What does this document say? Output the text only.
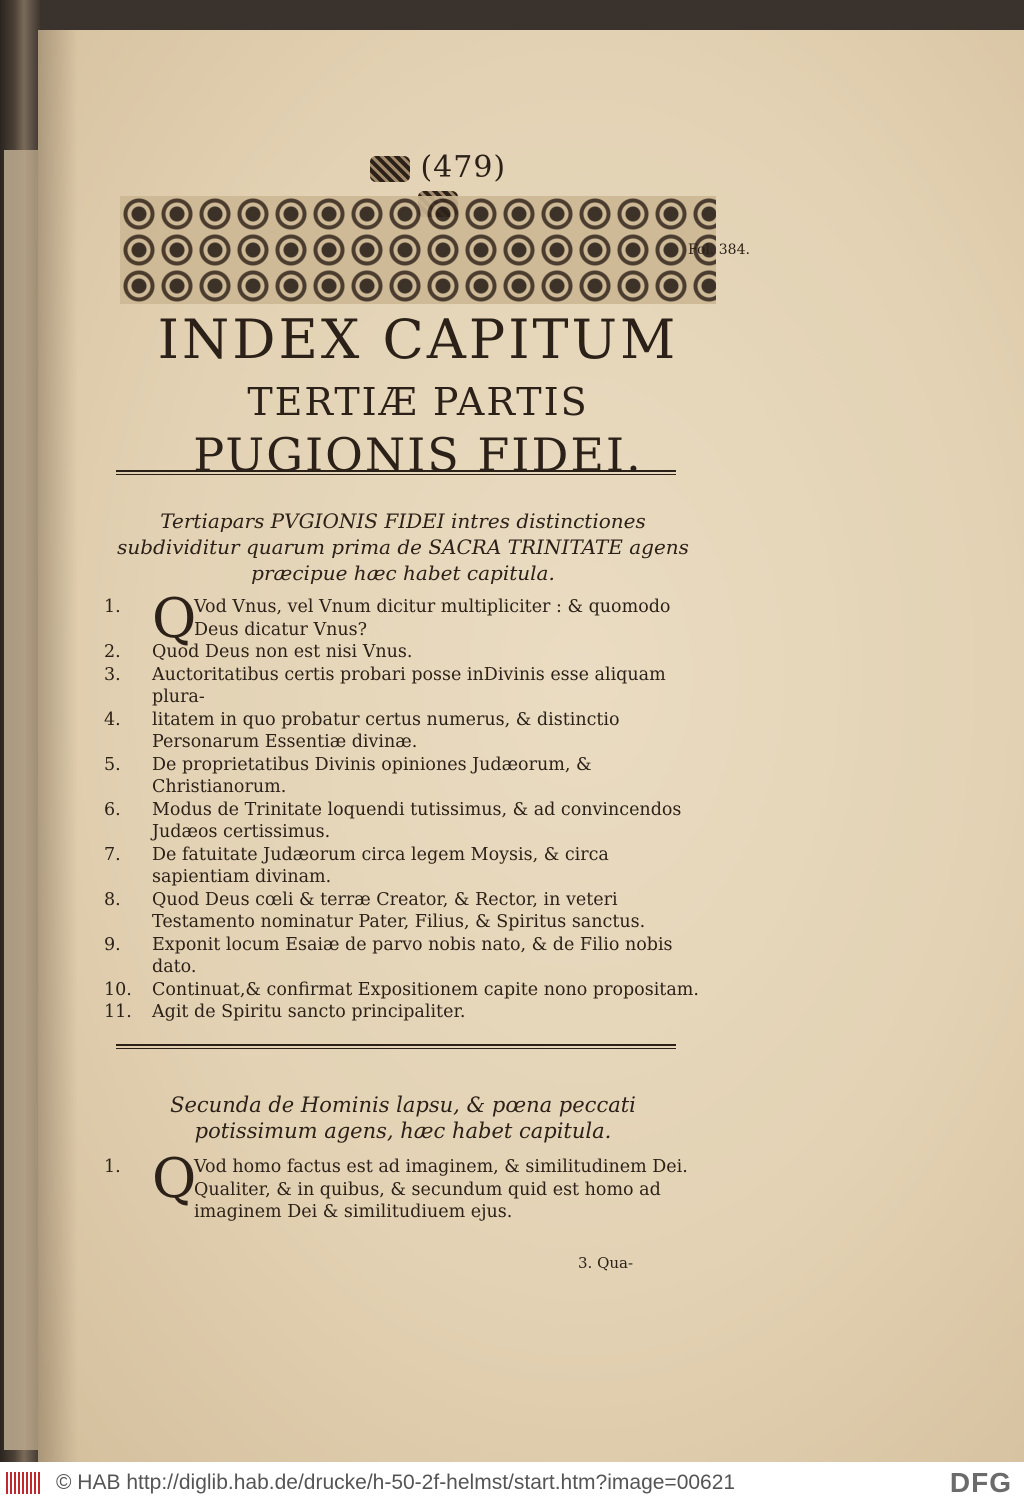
(479)
Fol. 384.
INDEX CAPITUM
TERTIÆ PARTIS
PUGIONIS FIDEI.
Tertiapars PVGIONIS FIDEI intres distinctiones subdividitur quarum prima de SACRA TRINITATE agens præcipue hæc habet capitula.
1. Q
Vod Vnus, vel Vnum dicitur multipliciter : & quomodo Deus dicatur Vnus?
2.	Quod Deus non est nisi Vnus.
3.	Auctoritatibus certis probari posse inDivinis esse aliquam plura-
4.	litatem in quo probatur certus numerus, & distinctio Personarum Essentiæ divinæ.
5.	De proprietatibus Divinis opiniones Judæorum, & Christianorum.
6.	Modus de Trinitate loquendi tutissimus, & ad convincendos Judæos certissimus.
7.	De fatuitate Judæorum circa legem Moysis, & circa sapientiam divinam.
8.	Quod Deus cœli & terræ Creator, & Rector, in veteri Testamento nominatur Pater, Filius, & Spiritus sanctus.
9.	Exponit locum Esaiæ de parvo nobis nato, & de Filio nobis dato.
10.	Continuat,& confirmat Expositionem capite nono propositam.
11.	Agit de Spiritu sancto principaliter.
Secunda de Hominis lapsu, & pœna peccati potissimum agens, hæc habet capitula.
1. Q
Vod homo factus est ad imaginem, & similitudinem Dei. Qualiter, & in quibus, & secundum quid est homo ad imaginem Dei & similitudiuem ejus.
3. Qua-
© HAB http://diglib.hab.de/drucke/h-50-2f-helmst/start.htm?image=00621	DFG
